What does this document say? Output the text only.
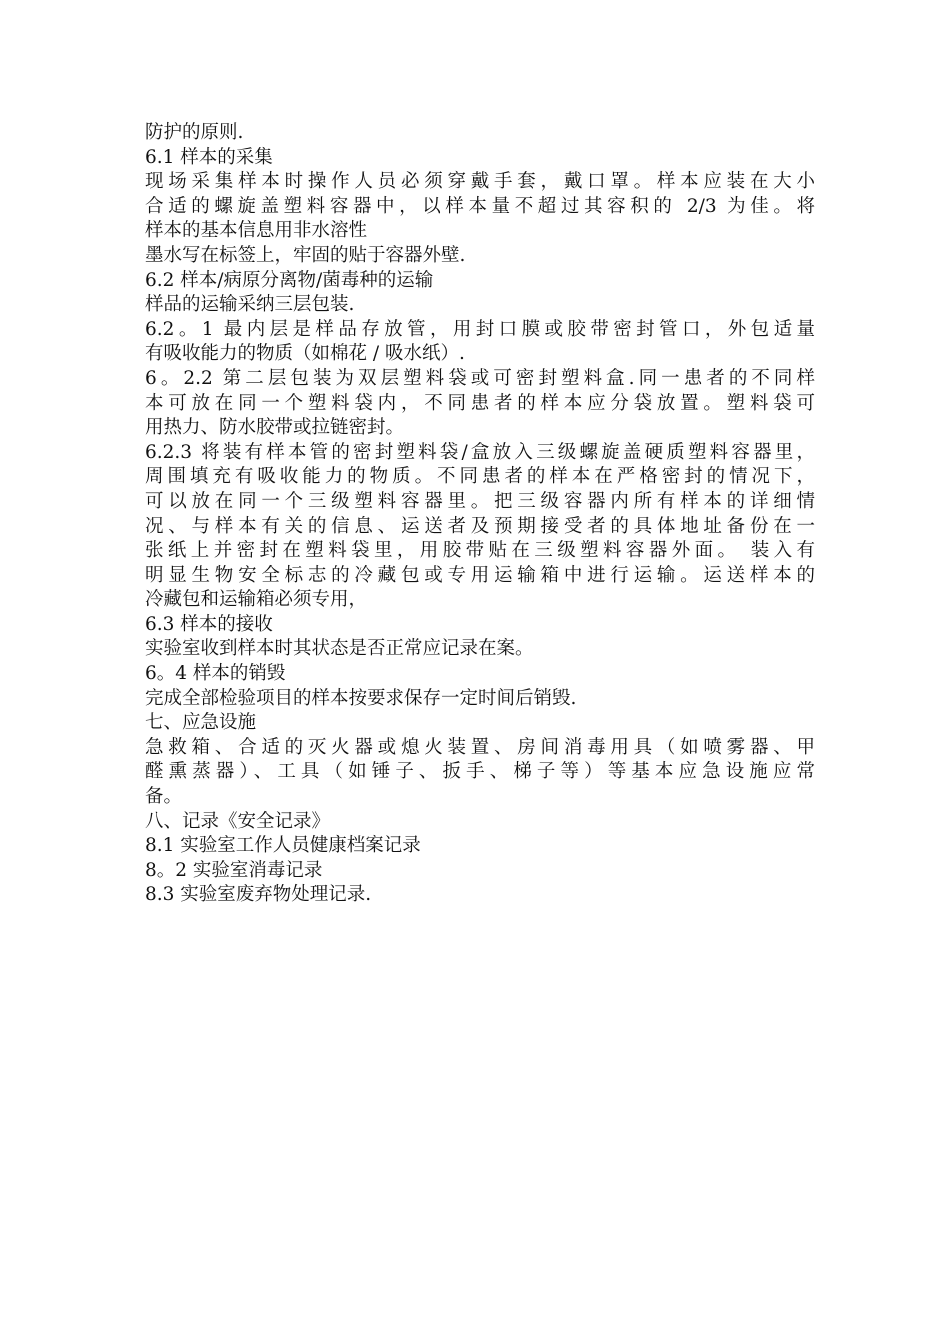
防护的原则.
6.1 样本的采集
现场采集样本时操作人员必须穿戴手套，戴口罩。样本应装在大小
合适的螺旋盖塑料容器中，以样本量不超过其容积的 2/3 为佳。将
样本的基本信息用非水溶性
墨水写在标签上，牢固的贴于容器外壁.
6.2 样本/病原分离物/菌毒种的运输
样品的运输采纳三层包装.
6.2。1 最内层是样品存放管，用封口膜或胶带密封管口，外包适量
有吸收能力的物质（如棉花 / 吸水纸）.
6。2.2 第二层包装为双层塑料袋或可密封塑料盒.同一患者的不同样
本可放在同一个塑料袋内，不同患者的样本应分袋放置。塑料袋可
用热力、防水胶带或拉链密封。
6.2.3 将装有样本管的密封塑料袋/盒放入三级螺旋盖硬质塑料容器里，
周围填充有吸收能力的物质。不同患者的样本在严格密封的情况下，
可以放在同一个三级塑料容器里。把三级容器内所有样本的详细情
况、与样本有关的信息、运送者及预期接受者的具体地址备份在一
张纸上并密封在塑料袋里，用胶带贴在三级塑料容器外面。 装入有
明显生物安全标志的冷藏包或专用运输箱中进行运输。运送样本的
冷藏包和运输箱必须专用，
6.3 样本的接收
实验室收到样本时其状态是否正常应记录在案。
6。4 样本的销毁
完成全部检验项目的样本按要求保存一定时间后销毁.
七、应急设施
急救箱、合适的灭火器或熄火装置、房间消毒用具（如喷雾器、甲
醛熏蒸器）、工具（如锤子、扳手、梯子等）等基本应急设施应常
备。
八、记录《安全记录》
8.1 实验室工作人员健康档案记录
8。2 实验室消毒记录
8.3 实验室废弃物处理记录.
